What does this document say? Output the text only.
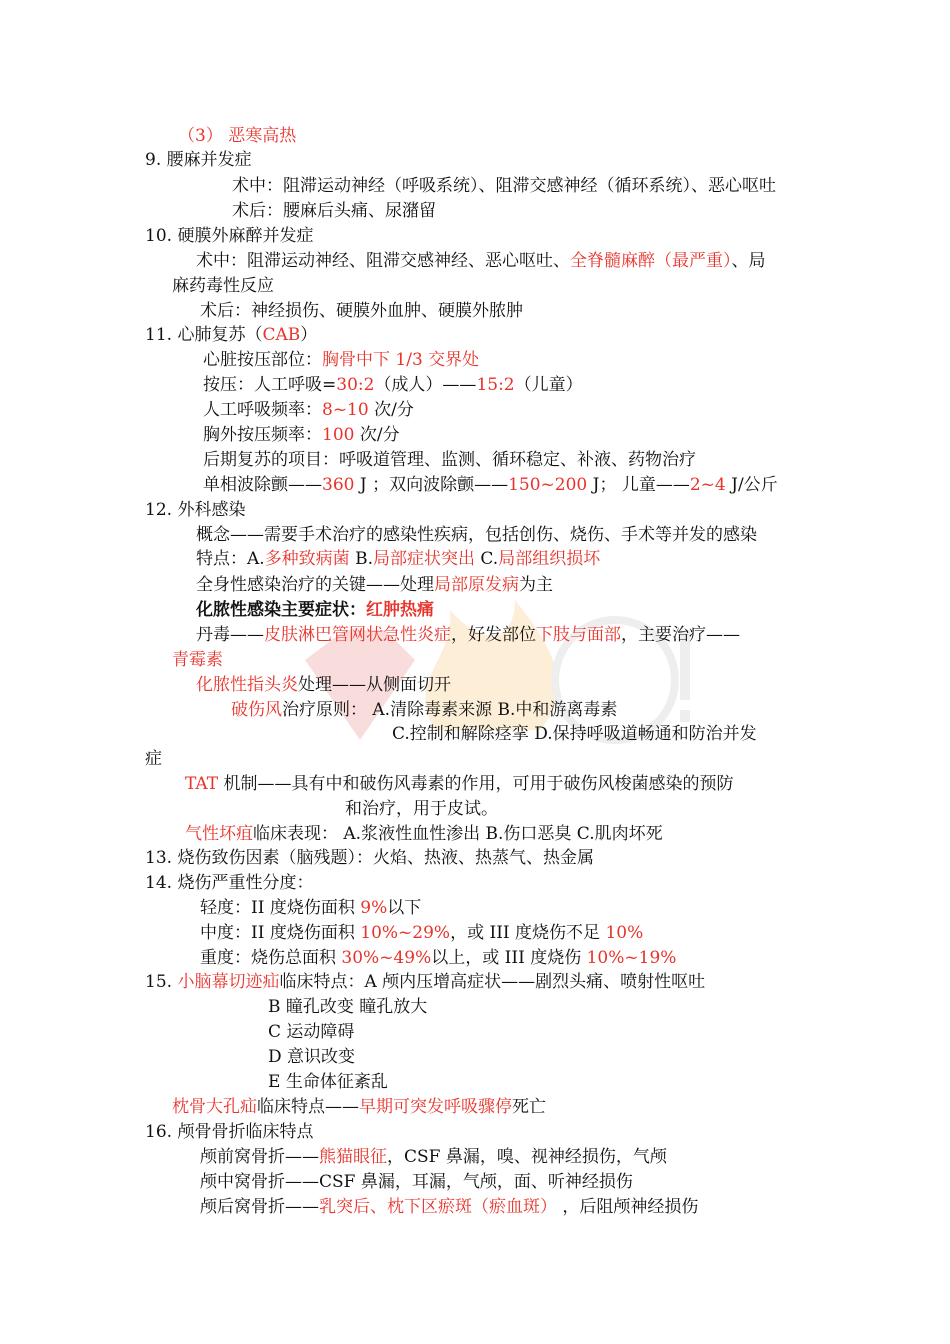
（3） 恶寒高热
9. 腰麻并发症
术中：阻滞运动神经（呼吸系统）、阻滞交感神经（循环系统）、恶心呕吐
术后：腰麻后头痛、尿潴留
10. 硬膜外麻醉并发症
术中：阻滞运动神经、阻滞交感神经、恶心呕吐、全脊髓麻醉（最严重）、局
麻药毒性反应
术后：神经损伤、硬膜外血肿、硬膜外脓肿
11. 心肺复苏（CAB）
心脏按压部位：胸骨中下 1/3 交界处
按压：人工呼吸=30:2（成人）——15:2（儿童）
人工呼吸频率：8~10 次/分
胸外按压频率：100 次/分
后期复苏的项目：呼吸道管理、监测、循环稳定、补液、药物治疗
单相波除颤——360 J ；双向波除颤——150~200 J； 儿童——2~4 J/公斤
12. 外科感染
概念——需要手术治疗的感染性疾病，包括创伤、烧伤、手术等并发的感染
特点：A.多种致病菌 B.局部症状突出 C.局部组织损坏
全身性感染治疗的关键——处理局部原发病为主
化脓性感染主要症状：红肿热痛
丹毒——皮肤淋巴管网状急性炎症，好发部位下肢与面部，主要治疗——
青霉素
化脓性指头炎处理——从侧面切开
破伤风治疗原则： A.清除毒素来源 B.中和游离毒素
C.控制和解除痉挛 D.保持呼吸道畅通和防治并发
症
TAT 机制——具有中和破伤风毒素的作用，可用于破伤风梭菌感染的预防
和治疗，用于皮试。
气性坏疽临床表现： A.浆液性血性渗出 B.伤口恶臭 C.肌肉坏死
13. 烧伤致伤因素（脑残题）：火焰、热液、热蒸气、热金属
14. 烧伤严重性分度：
轻度：II 度烧伤面积 9%以下
中度：II 度烧伤面积 10%~29%，或 III 度烧伤不足 10%
重度：烧伤总面积 30%~49%以上，或 III 度烧伤 10%~19%
15. 小脑幕切迹疝临床特点：A 颅内压增高症状——剧烈头痛、喷射性呕吐
B 瞳孔改变 瞳孔放大
C 运动障碍
D 意识改变
E 生命体征紊乱
枕骨大孔疝临床特点——早期可突发呼吸骤停死亡
16. 颅骨骨折临床特点
颅前窝骨折——熊猫眼征，CSF 鼻漏，嗅、视神经损伤，气颅
颅中窝骨折——CSF 鼻漏，耳漏，气颅，面、听神经损伤
颅后窝骨折——乳突后、枕下区瘀斑（瘀血斑） ，后阻颅神经损伤
